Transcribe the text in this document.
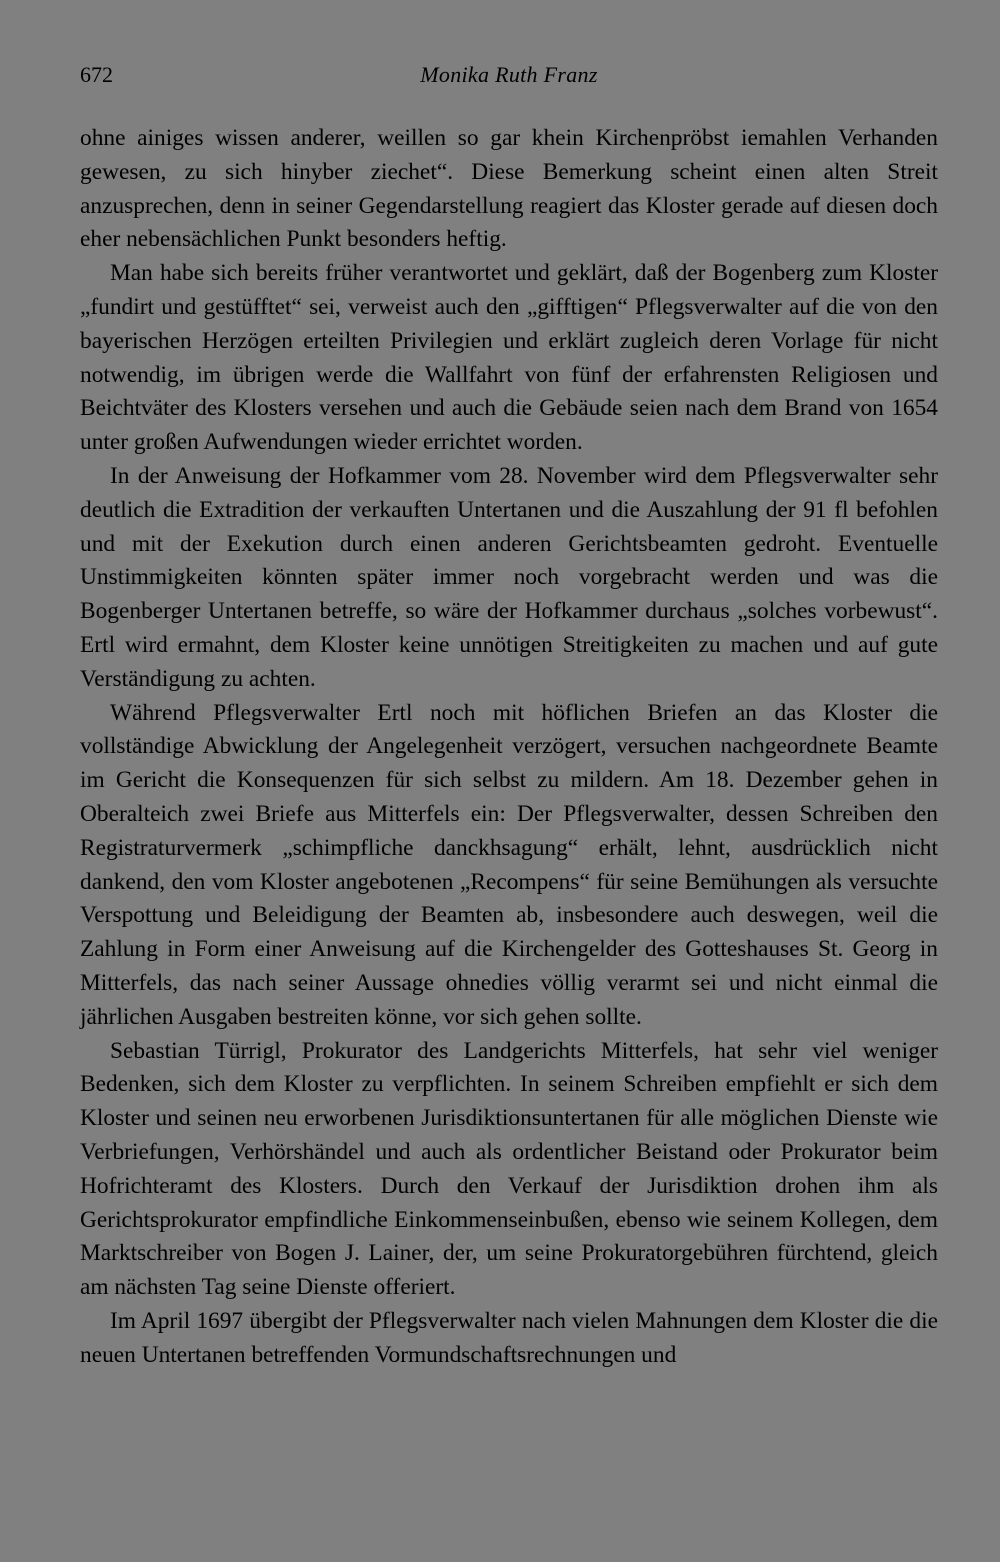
672	Monika Ruth Franz

ohne ainiges wissen anderer, weillen so gar khein Kirchenpröbst iemahlen Verhanden gewesen, zu sich hinyber ziechet“. Diese Bemerkung scheint einen alten Streit anzusprechen, denn in seiner Gegendarstellung reagiert das Kloster gerade auf diesen doch eher nebensächlichen Punkt besonders heftig.

Man habe sich bereits früher verantwortet und geklärt, daß der Bogenberg zum Kloster „fundirt und gestüfftet“ sei, verweist auch den „gifftigen“ Pflegsverwalter auf die von den bayerischen Herzögen erteilten Privilegien und erklärt zugleich deren Vorlage für nicht notwendig, im übrigen werde die Wallfahrt von fünf der erfahrensten Religiosen und Beichtväter des Klosters versehen und auch die Gebäude seien nach dem Brand von 1654 unter großen Aufwendungen wieder errichtet worden.

In der Anweisung der Hofkammer vom 28. November wird dem Pflegsverwalter sehr deutlich die Extradition der verkauften Untertanen und die Auszahlung der 91 fl befohlen und mit der Exekution durch einen anderen Gerichtsbeamten gedroht. Eventuelle Unstimmigkeiten könnten später immer noch vorgebracht werden und was die Bogenberger Untertanen betreffe, so wäre der Hofkammer durchaus „solches vorbewust“. Ertl wird ermahnt, dem Kloster keine unnötigen Streitigkeiten zu machen und auf gute Verständigung zu achten.

Während Pflegsverwalter Ertl noch mit höflichen Briefen an das Kloster die vollständige Abwicklung der Angelegenheit verzögert, versuchen nachgeordnete Beamte im Gericht die Konsequenzen für sich selbst zu mildern. Am 18. Dezember gehen in Oberalteich zwei Briefe aus Mitterfels ein: Der Pflegsverwalter, dessen Schreiben den Registraturvermerk „schimpfliche danckhsagung“ erhält, lehnt, ausdrücklich nicht dankend, den vom Kloster angebotenen „Recompens“ für seine Bemühungen als versuchte Verspottung und Beleidigung der Beamten ab, insbesondere auch deswegen, weil die Zahlung in Form einer Anweisung auf die Kirchengelder des Gotteshauses St. Georg in Mitterfels, das nach seiner Aussage ohnedies völlig verarmt sei und nicht einmal die jährlichen Ausgaben bestreiten könne, vor sich gehen sollte.

Sebastian Türrigl, Prokurator des Landgerichts Mitterfels, hat sehr viel weniger Bedenken, sich dem Kloster zu verpflichten. In seinem Schreiben empfiehlt er sich dem Kloster und seinen neu erworbenen Jurisdiktionsuntertanen für alle möglichen Dienste wie Verbriefungen, Verhörshändel und auch als ordentlicher Beistand oder Prokurator beim Hofrichteramt des Klosters. Durch den Verkauf der Jurisdiktion drohen ihm als Gerichtsprokurator empfindliche Einkommenseinbußen, ebenso wie seinem Kollegen, dem Marktschreiber von Bogen J. Lainer, der, um seine Prokuratorgebühren fürchtend, gleich am nächsten Tag seine Dienste offeriert.

Im April 1697 übergibt der Pflegsverwalter nach vielen Mahnungen dem Kloster die die neuen Untertanen betreffenden Vormundschaftsrechnungen und
